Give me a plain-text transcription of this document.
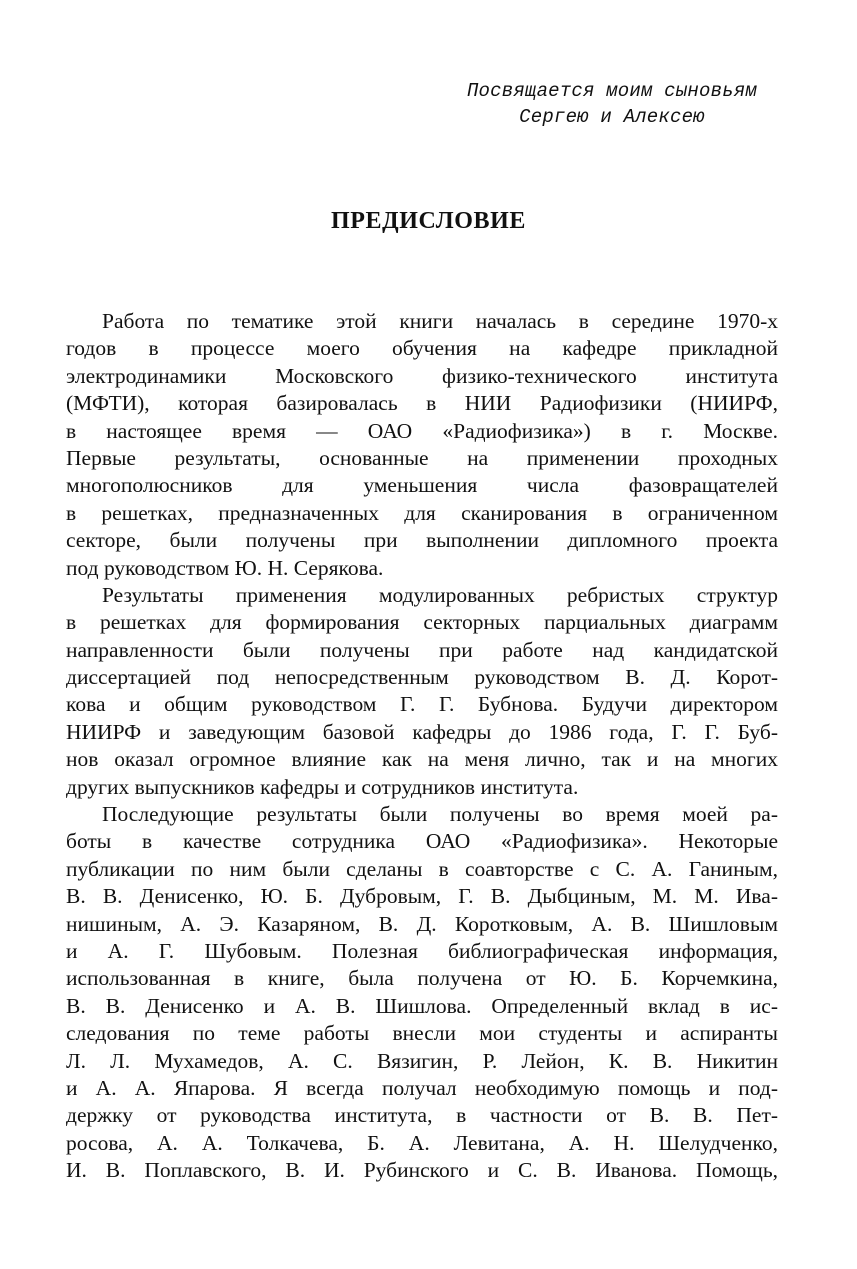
Посвящается моим сыновьям
Сергею и Алексею
ПРЕДИСЛОВИЕ
Работа по тематике этой книги началась в середине 1970-х
годов в процессе моего обучения на кафедре прикладной
электродинамики Московского физико-технического института
(МФТИ), которая базировалась в НИИ Радиофизики (НИИРФ,
в настоящее время — ОАО «Радиофизика») в г. Москве.
Первые результаты, основанные на применении проходных
многополюсников для уменьшения числа фазовращателей
в решетках, предназначенных для сканирования в ограниченном
секторе, были получены при выполнении дипломного проекта
под руководством Ю. Н. Серякова.
Результаты применения модулированных ребристых структур
в решетках для формирования секторных парциальных диаграмм
направленности были получены при работе над кандидатской
диссертацией под непосредственным руководством В. Д. Корот-
кова и общим руководством Г. Г. Бубнова. Будучи директором
НИИРФ и заведующим базовой кафедры до 1986 года, Г. Г. Буб-
нов оказал огромное влияние как на меня лично, так и на многих
других выпускников кафедры и сотрудников института.
Последующие результаты были получены во время моей ра-
боты в качестве сотрудника ОАО «Радиофизика». Некоторые
публикации по ним были сделаны в соавторстве с С. А. Ганиным,
В. В. Денисенко, Ю. Б. Дубровым, Г. В. Дыбциным, М. М. Ива-
нишиным, А. Э. Казаряном, В. Д. Коротковым, А. В. Шишловым
и А. Г. Шубовым. Полезная библиографическая информация,
использованная в книге, была получена от Ю. Б. Корчемкина,
В. В. Денисенко и А. В. Шишлова. Определенный вклад в ис-
следования по теме работы внесли мои студенты и аспиранты
Л. Л. Мухамедов, А. С. Вязигин, Р. Лейон, К. В. Никитин
и А. А. Япарова. Я всегда получал необходимую помощь и под-
держку от руководства института, в частности от В. В. Пет-
росова, А. А. Толкачева, Б. А. Левитана, А. Н. Шелудченко,
И. В. Поплавского, В. И. Рубинского и С. В. Иванова. Помощь,
